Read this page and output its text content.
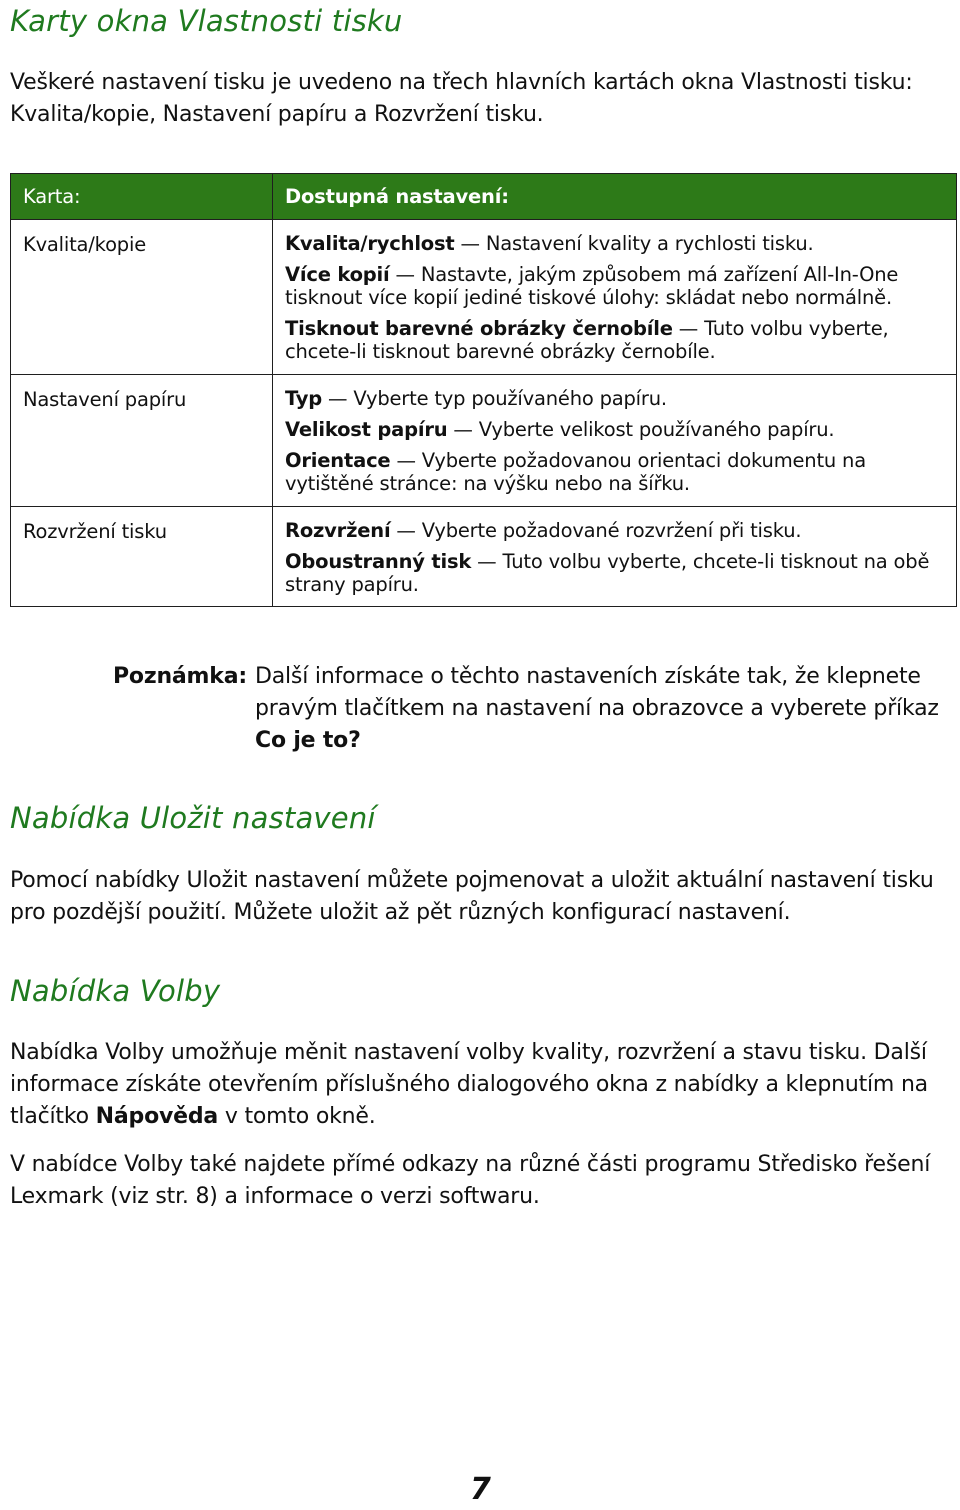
Karty okna Vlastnosti tisku

Veškeré nastavení tisku je uvedeno na třech hlavních kartách okna Vlastnosti tisku: Kvalita/kopie, Nastavení papíru a Rozvržení tisku.

Karta:	Dostupná nastavení:
Kvalita/kopie	Kvalita/rychlost — Nastavení kvality a rychlosti tisku.
Více kopií — Nastavte, jakým způsobem má zařízení All-In-One tisknout více kopií jediné tiskové úlohy: skládat nebo normálně.
Tisknout barevné obrázky černobíle — Tuto volbu vyberte, chcete-li tisknout barevné obrázky černobíle.

Nastavení papíru	Typ — Vyberte typ používaného papíru.
Velikost papíru — Vyberte velikost používaného papíru.
Orientace — Vyberte požadovanou orientaci dokumentu na vytištěné stránce: na výšku nebo na šířku.

Rozvržení tisku	Rozvržení — Vyberte požadované rozvržení při tisku.
Oboustranný tisk — Tuto volbu vyberte, chcete-li tisknout na obě strany papíru.
Poznámka: Další informace o těchto nastaveních získáte tak, že klepnete pravým tlačítkem na nastavení na obrazovce a vyberete příkaz Co je to?
Nabídka Uložit nastavení

Pomocí nabídky Uložit nastavení můžete pojmenovat a uložit aktuální nastavení tisku pro pozdější použití. Můžete uložit až pět různých konfigurací nastavení.

Nabídka Volby

Nabídka Volby umožňuje měnit nastavení volby kvality, rozvržení a stavu tisku. Další informace získáte otevřením příslušného dialogového okna z nabídky a klepnutím na tlačítko Nápověda v tomto okně.

V nabídce Volby také najdete přímé odkazy na různé části programu Středisko řešení Lexmark (viz str. 8) a informace o verzi softwaru.

7
